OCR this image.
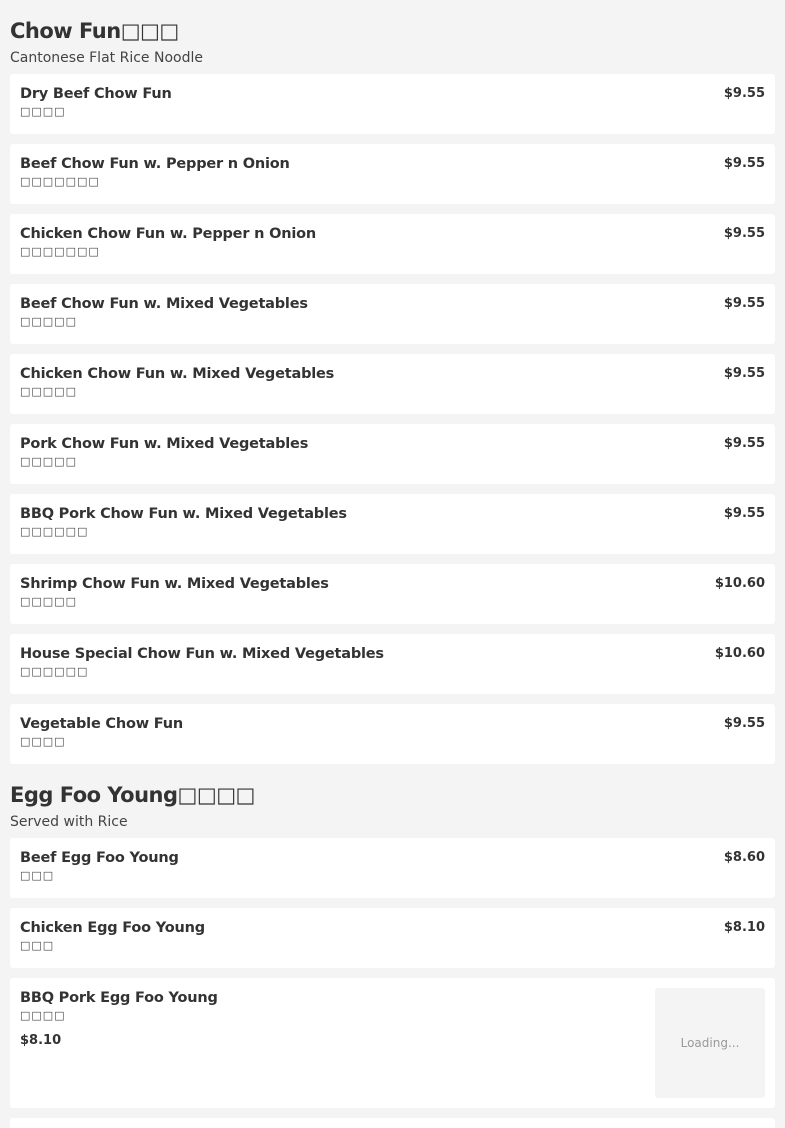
Chow Fun□□□
Cantonese Flat Rice Noodle
Dry Beef Chow Fun
□□□□
$9.55
Beef Chow Fun w. Pepper n Onion
□□□□□□□
$9.55
Chicken Chow Fun w. Pepper n Onion
□□□□□□□
$9.55
Beef Chow Fun w. Mixed Vegetables
□□□□□
$9.55
Chicken Chow Fun w. Mixed Vegetables
□□□□□
$9.55
Pork Chow Fun w. Mixed Vegetables
□□□□□
$9.55
BBQ Pork Chow Fun w. Mixed Vegetables
□□□□□□
$9.55
Shrimp Chow Fun w. Mixed Vegetables
□□□□□
$10.60
House Special Chow Fun w. Mixed Vegetables
□□□□□□
$10.60
Vegetable Chow Fun
□□□□
$9.55
Egg Foo Young□□□□
Served with Rice
Beef Egg Foo Young
□□□
$8.60
Chicken Egg Foo Young
□□□
$8.10
BBQ Pork Egg Foo Young
□□□□
$8.10	Loading...
